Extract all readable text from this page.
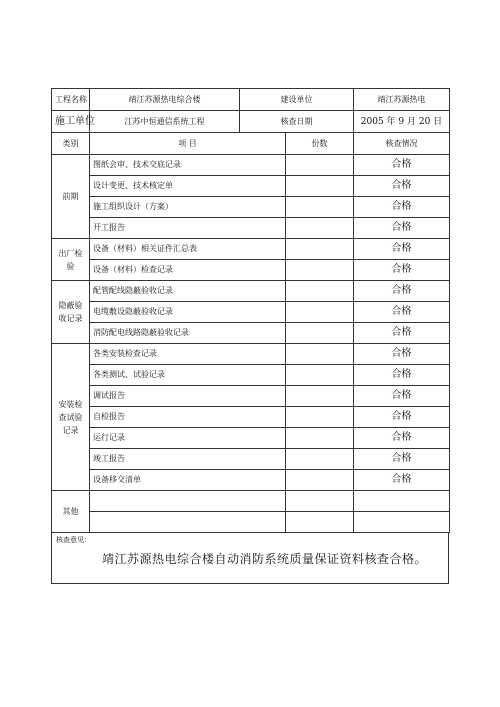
工程名称	靖江苏源热电综合楼	建设单位		靖江苏源热电
施工单位	江苏中恒通信系统工程	核查日期		2005 年 9 月 20 日
类别	项 目		份数	核查情况
前期	图纸会审、技术交底记录			合格
	设计变更、技术核定单			合格
	施工组织设计（方案）			合格
	开工报告			合格
出厂检验	设备（材料）相关证件汇总表			合格
	设备（材料）检查记录			合格
隐蔽验收记录	配管配线隐蔽验收记录			合格
	电缆敷设隐蔽验收记录			合格
	消防配电线路隐蔽验收记录			合格
安装检查试验记录	各类安装检查记录			合格
	各类测试、试验记录			合格
	调试报告			合格
	自检报告			合格
	运行记录			合格
	竣工报告			合格
	设备移交清单			合格
其他				

核查意见：
靖江苏源热电综合楼自动消防系统质量保证资料核查合格。
